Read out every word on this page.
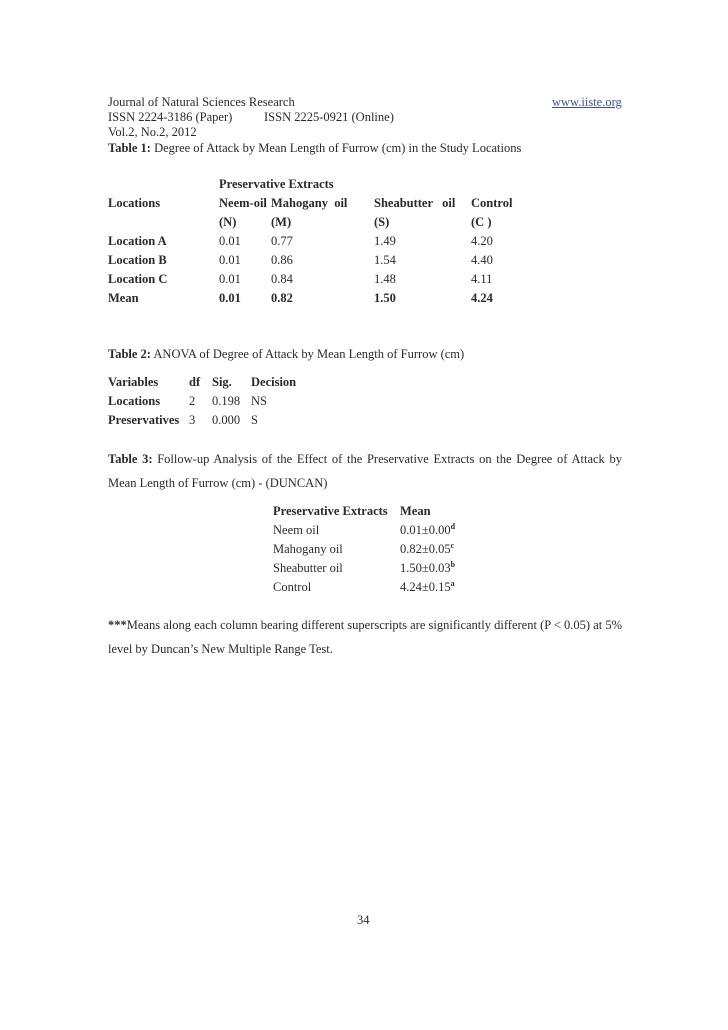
Journal of Natural Sciences Research	www.iiste.org
ISSN 2224-3186 (Paper)	ISSN 2225-0921 (Online)
Vol.2, No.2, 2012
Table 1: Degree of Attack by Mean Length of Furrow (cm) in the Study Locations
	Preservative Extracts			
Locations	Neem-oil	Mahogany  oil	Sheabutter   oil	Control
	(N)	(M)	(S)	(C )
Location A	0.01	0.77	1.49	4.20
Location B	0.01	0.86	1.54	4.40
Location C	0.01	0.84	1.48	4.11
Mean	0.01	0.82	1.50	4.24
Table 2: ANOVA of Degree of Attack by Mean Length of Furrow (cm)
Variables	df	Sig.	Decision
Locations	2	0.198	NS
Preservatives	3	0.000	S
Table 3: Follow-up Analysis of the Effect of the Preservative Extracts on the Degree of Attack by Mean Length of Furrow (cm) - (DUNCAN)
Preservative Extracts	Mean
Neem oil	0.01±0.00$^d$
Mahogany oil	0.82±0.05$^c$
Sheabutter oil	1.50±0.03$^b$
Control	4.24±0.15$^a$
***Means along each column bearing different superscripts are significantly different (P < 0.05) at 5% level by Duncan’s New Multiple Range Test.
34
